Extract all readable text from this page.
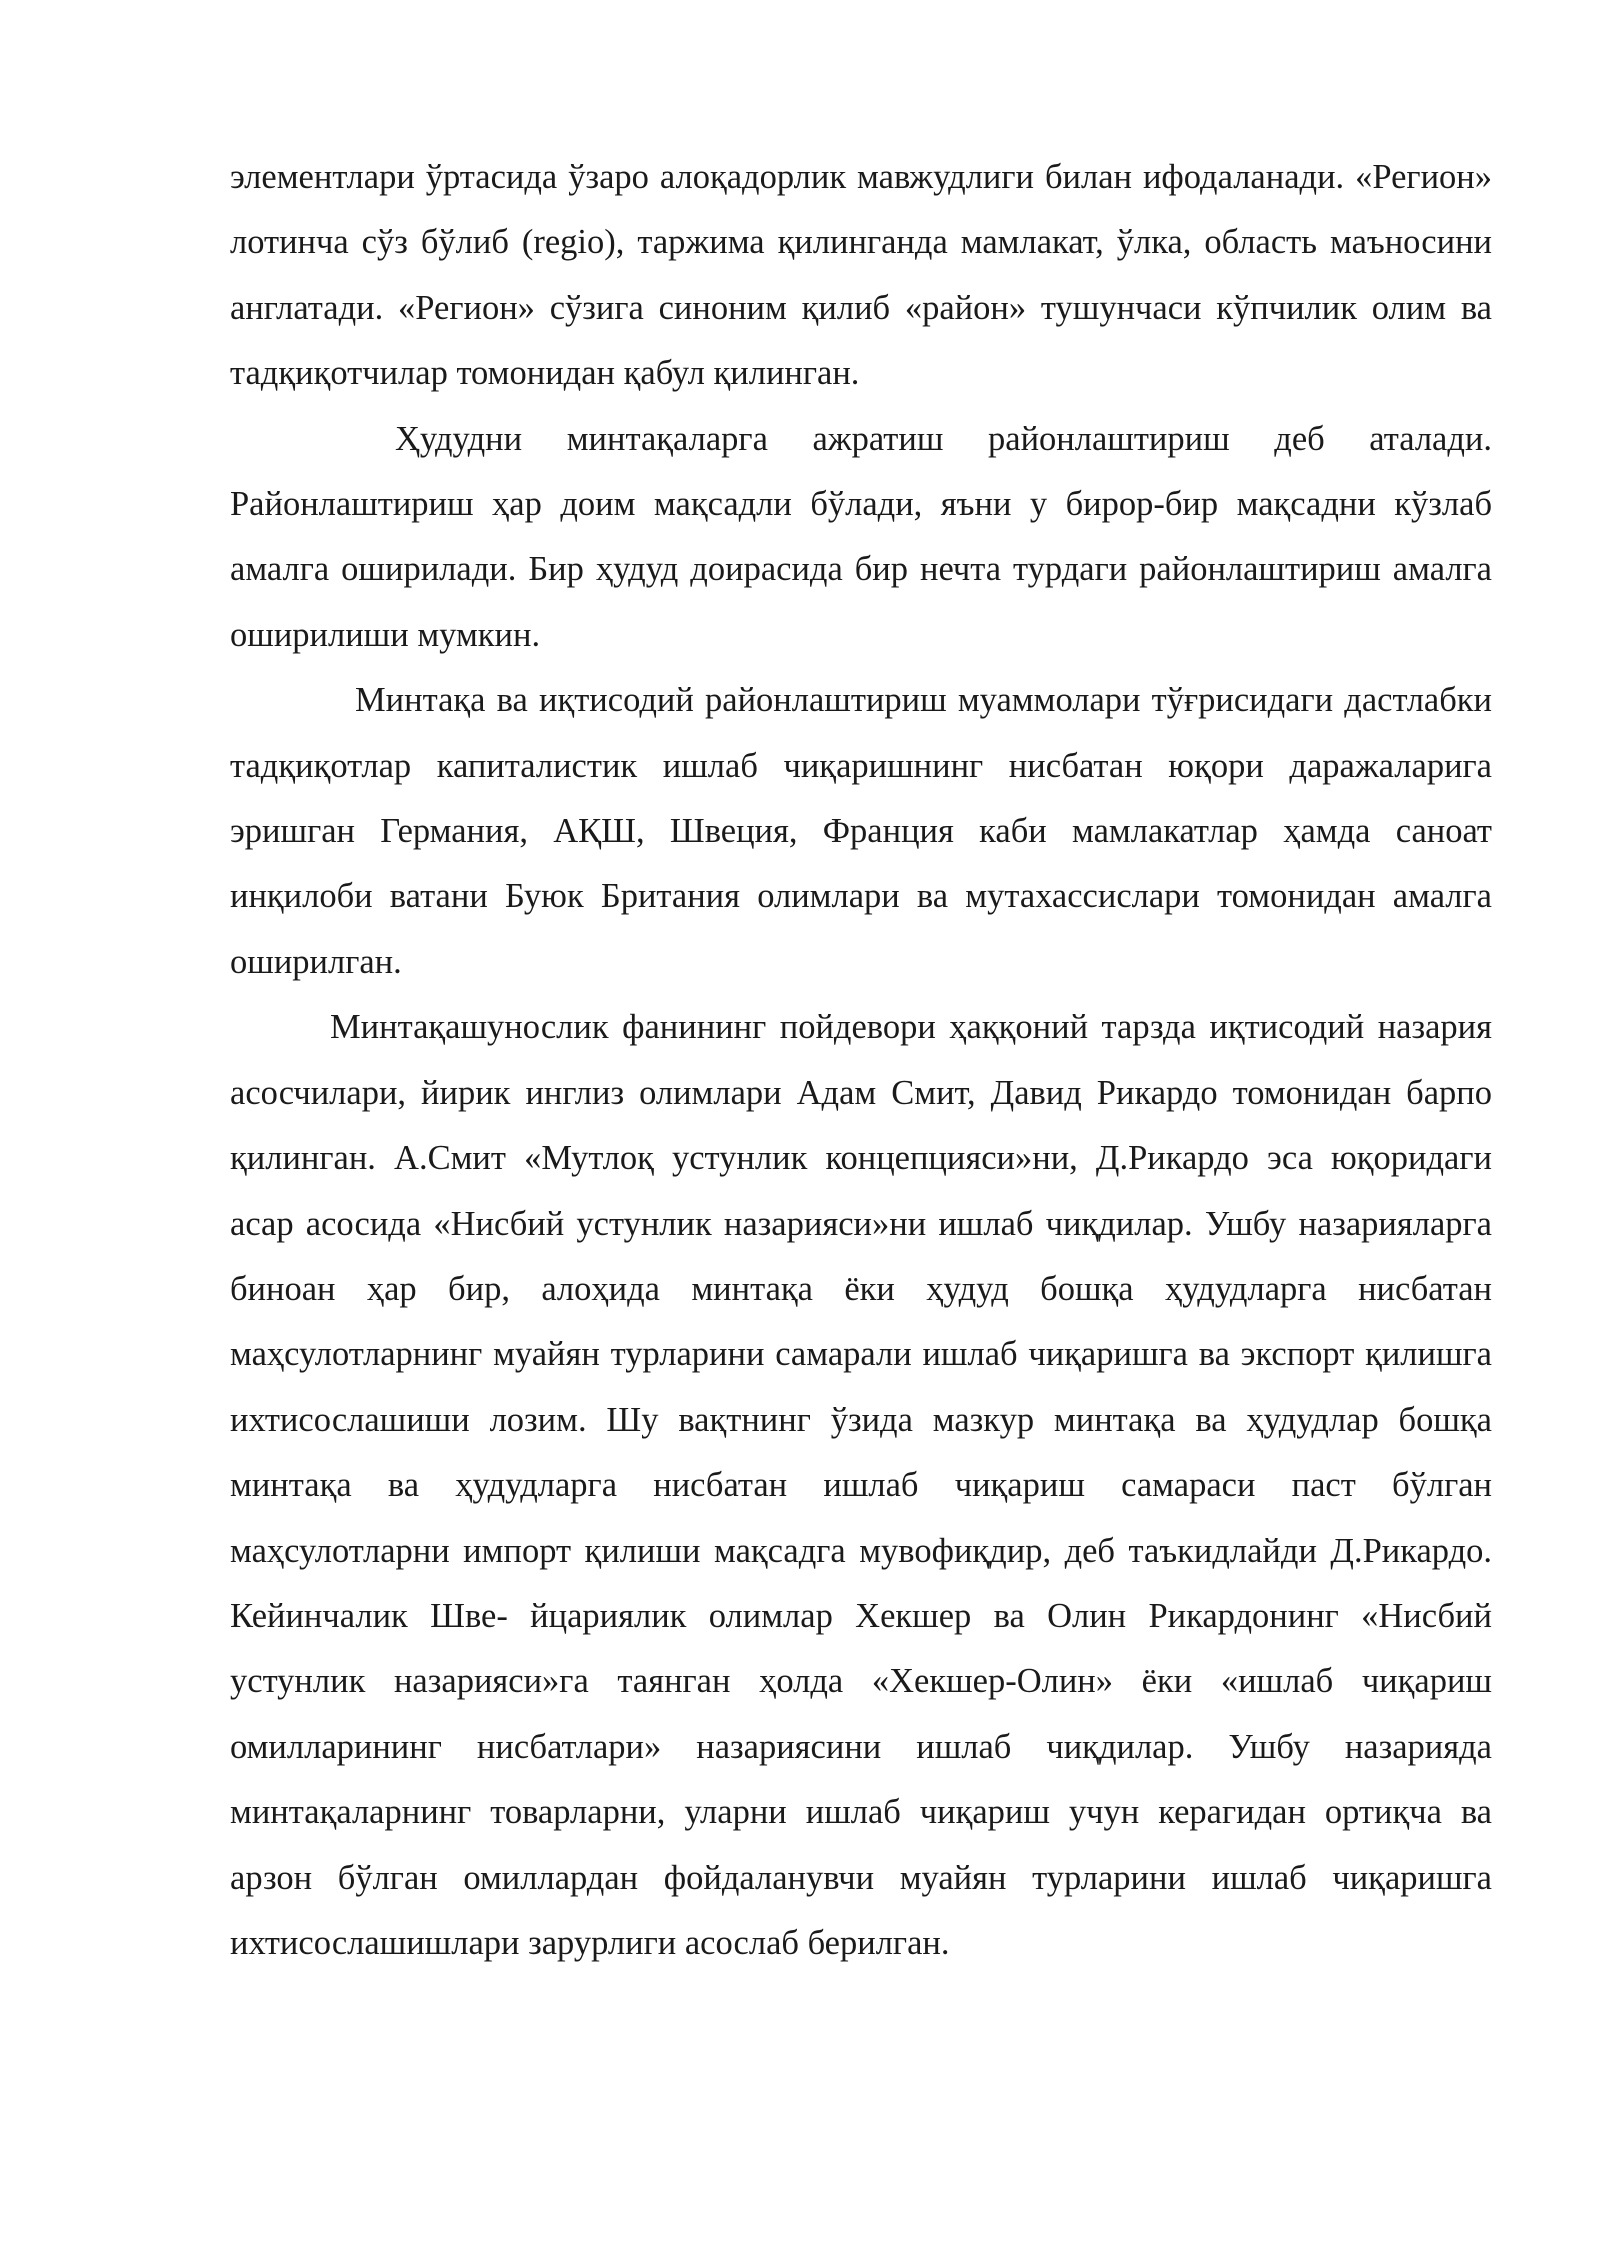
элементлари ўртасида ўзаро алоқадорлик мавжудлиги билан ифодаланади. «Регион» лотинча сўз бўлиб (regio), таржима қилинганда мамлакат, ўлка, область маъносини англатади. «Регион» сўзига синоним қилиб «район» тушунчаси кўпчилик олим ва тадқиқотчилар томонидан қабул қилинган.

Ҳудудни минтақаларга ажратиш районлаштириш деб аталади. Районлаштириш ҳар доим мақсадли бўлади, яъни у бирор-бир мақсадни кўзлаб амалга оширилади. Бир ҳудуд доирасида бир нечта турдаги районлаштириш амалга оширилиши мумкин.

Минтақа ва иқтисодий районлаштириш муаммолари тўғрисидаги дастлабки тадқиқотлар капиталистик ишлаб чиқаришнинг нисбатан юқори даражаларига эришган Германия, АҚШ, Швеция, Франция каби мамлакатлар ҳамда саноат инқилоби ватани Буюк Британия олимлари ва мутахассислари томонидан амалга оширилган.

Минтақашунослик фанининг пойдевори ҳаққоний тарзда иқтисодий назария асосчилари, йирик инглиз олимлари Адам Смит, Давид Рикардо томонидан барпо қилинган. А.Смит «Мутлоқ устунлик концепцияси»ни, Д.Рикардо эса юқоридаги асар асосида «Нисбий устунлик назарияси»ни ишлаб чиқдилар. Ушбу назарияларга биноан ҳар бир, алоҳида минтақа ёки ҳудуд бошқа ҳудудларга нисбатан маҳсулотларнинг муайян турларини самарали ишлаб чиқаришга ва экспорт қилишга ихтисослашиши лозим. Шу вақтнинг ўзида мазкур минтақа ва ҳудудлар бошқа минтақа ва ҳудудларга нисбатан ишлаб чиқариш самараси паст бўлган маҳсулотларни импорт қилиши мақсадга мувофиқдир, деб таъкидлайди Д.Рикардо. Кейинчалик Шве- йцариялик олимлар Хекшер ва Олин Рикардонинг «Нисбий устунлик назарияси»га таянган ҳолда «Хекшер-Олин» ёки «ишлаб чиқариш омилларининг нисбатлари» назариясини ишлаб чиқдилар. Ушбу назарияда минтақаларнинг товарларни, уларни ишлаб чиқариш учун керагидан ортиқча ва арзон бўлган омиллардан фойдаланувчи муайян турларини ишлаб чиқаришга ихтисослашишлари зарурлиги асослаб берилган.
